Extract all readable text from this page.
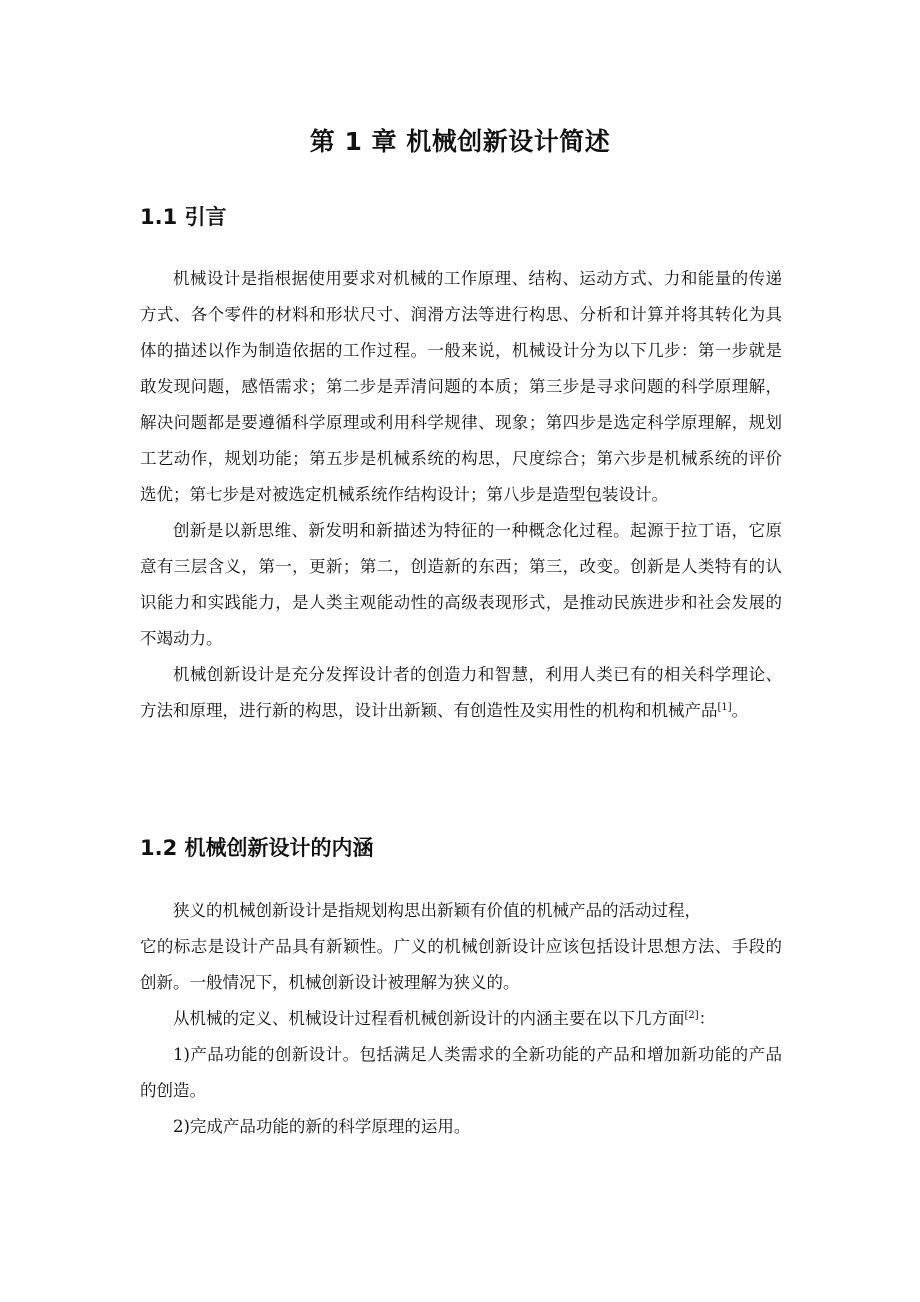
第 1 章 机械创新设计简述
1.1 引言

机械设计是指根据使用要求对机械的工作原理、结构、运动方式、力和能量的传递方式、各个零件的材料和形状尺寸、润滑方法等进行构思、分析和计算并将其转化为具体的描述以作为制造依据的工作过程。一般来说，机械设计分为以下几步：第一步就是敢发现问题，感悟需求；第二步是弄清问题的本质；第三步是寻求问题的科学原理解，解决问题都是要遵循科学原理或利用科学规律、现象；第四步是选定科学原理解，规划工艺动作，规划功能；第五步是机械系统的构思，尺度综合；第六步是机械系统的评价选优；第七步是对被选定机械系统作结构设计；第八步是造型包装设计。

创新是以新思维、新发明和新描述为特征的一种概念化过程。起源于拉丁语，它原意有三层含义，第一，更新；第二，创造新的东西；第三，改变。创新是人类特有的认识能力和实践能力，是人类主观能动性的高级表现形式，是推动民族进步和社会发展的不竭动力。

机械创新设计是充分发挥设计者的创造力和智慧，利用人类已有的相关科学理论、方法和原理，进行新的构思，设计出新颖、有创造性及实用性的机构和机械产品[1]。

1.2 机械创新设计的内涵

狭义的机械创新设计是指规划构思出新颖有价值的机械产品的活动过程，

它的标志是设计产品具有新颖性。广义的机械创新设计应该包括设计思想方法、手段的创新。一般情况下，机械创新设计被理解为狭义的。

从机械的定义、机械设计过程看机械创新设计的内涵主要在以下几方面[2]：

1)产品功能的创新设计。包括满足人类需求的全新功能的产品和增加新功能的产品的创造。

2)完成产品功能的新的科学原理的运用。
